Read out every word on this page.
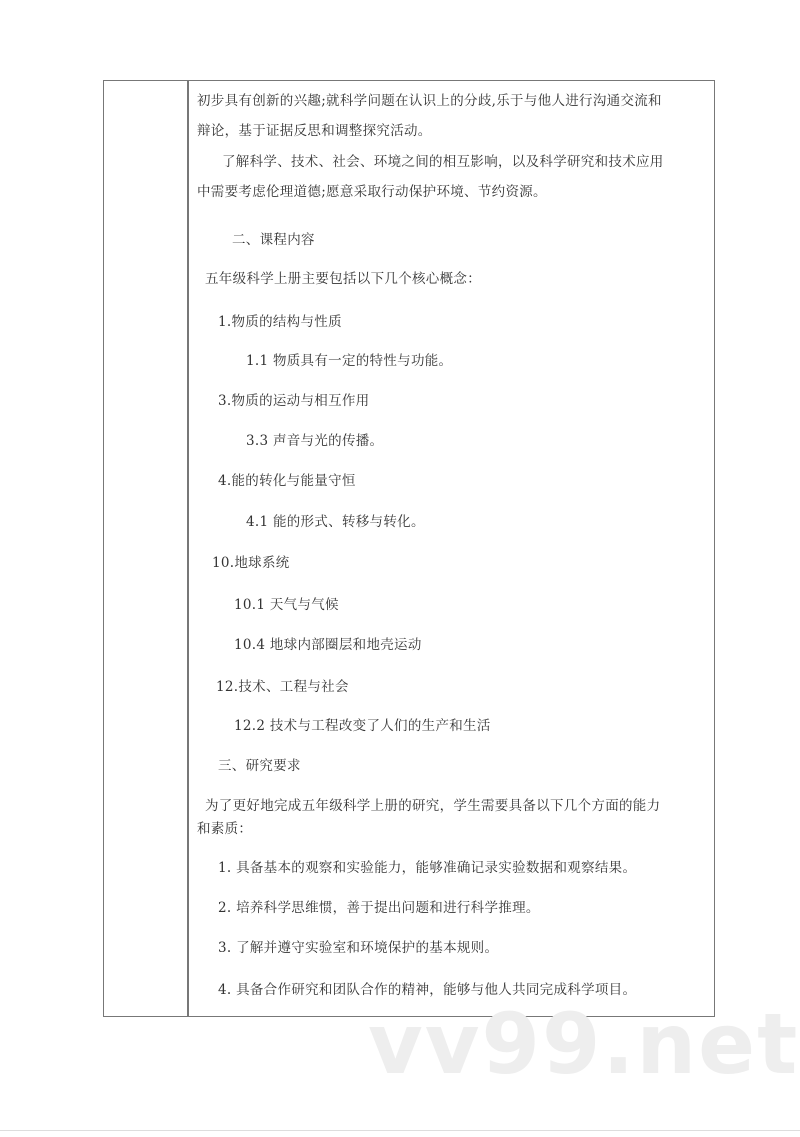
初步具有创新的兴趣;就科学问题在认识上的分歧,乐于与他人进行沟通交流和
辩论，基于证据反思和调整探究活动。
了解科学、技术、社会、环境之间的相互影响，以及科学研究和技术应用
中需要考虑伦理道德;愿意采取行动保护环境、节约资源。
二、课程内容
五年级科学上册主要包括以下几个核心概念：
1.物质的结构与性质
1.1 物质具有一定的特性与功能。
3.物质的运动与相互作用
3.3 声音与光的传播。
4.能的转化与能量守恒
4.1 能的形式、转移与转化。
10.地球系统
10.1 天气与气候
10.4 地球内部圈层和地壳运动
12.技术、工程与社会
12.2 技术与工程改变了人们的生产和生活
三、研究要求
为了更好地完成五年级科学上册的研究，学生需要具备以下几个方面的能力
和素质：
1. 具备基本的观察和实验能力，能够准确记录实验数据和观察结果。
2. 培养科学思维惯，善于提出问题和进行科学推理。
3. 了解并遵守实验室和环境保护的基本规则。
4. 具备合作研究和团队合作的精神，能够与他人共同完成科学项目。
vv99.net
